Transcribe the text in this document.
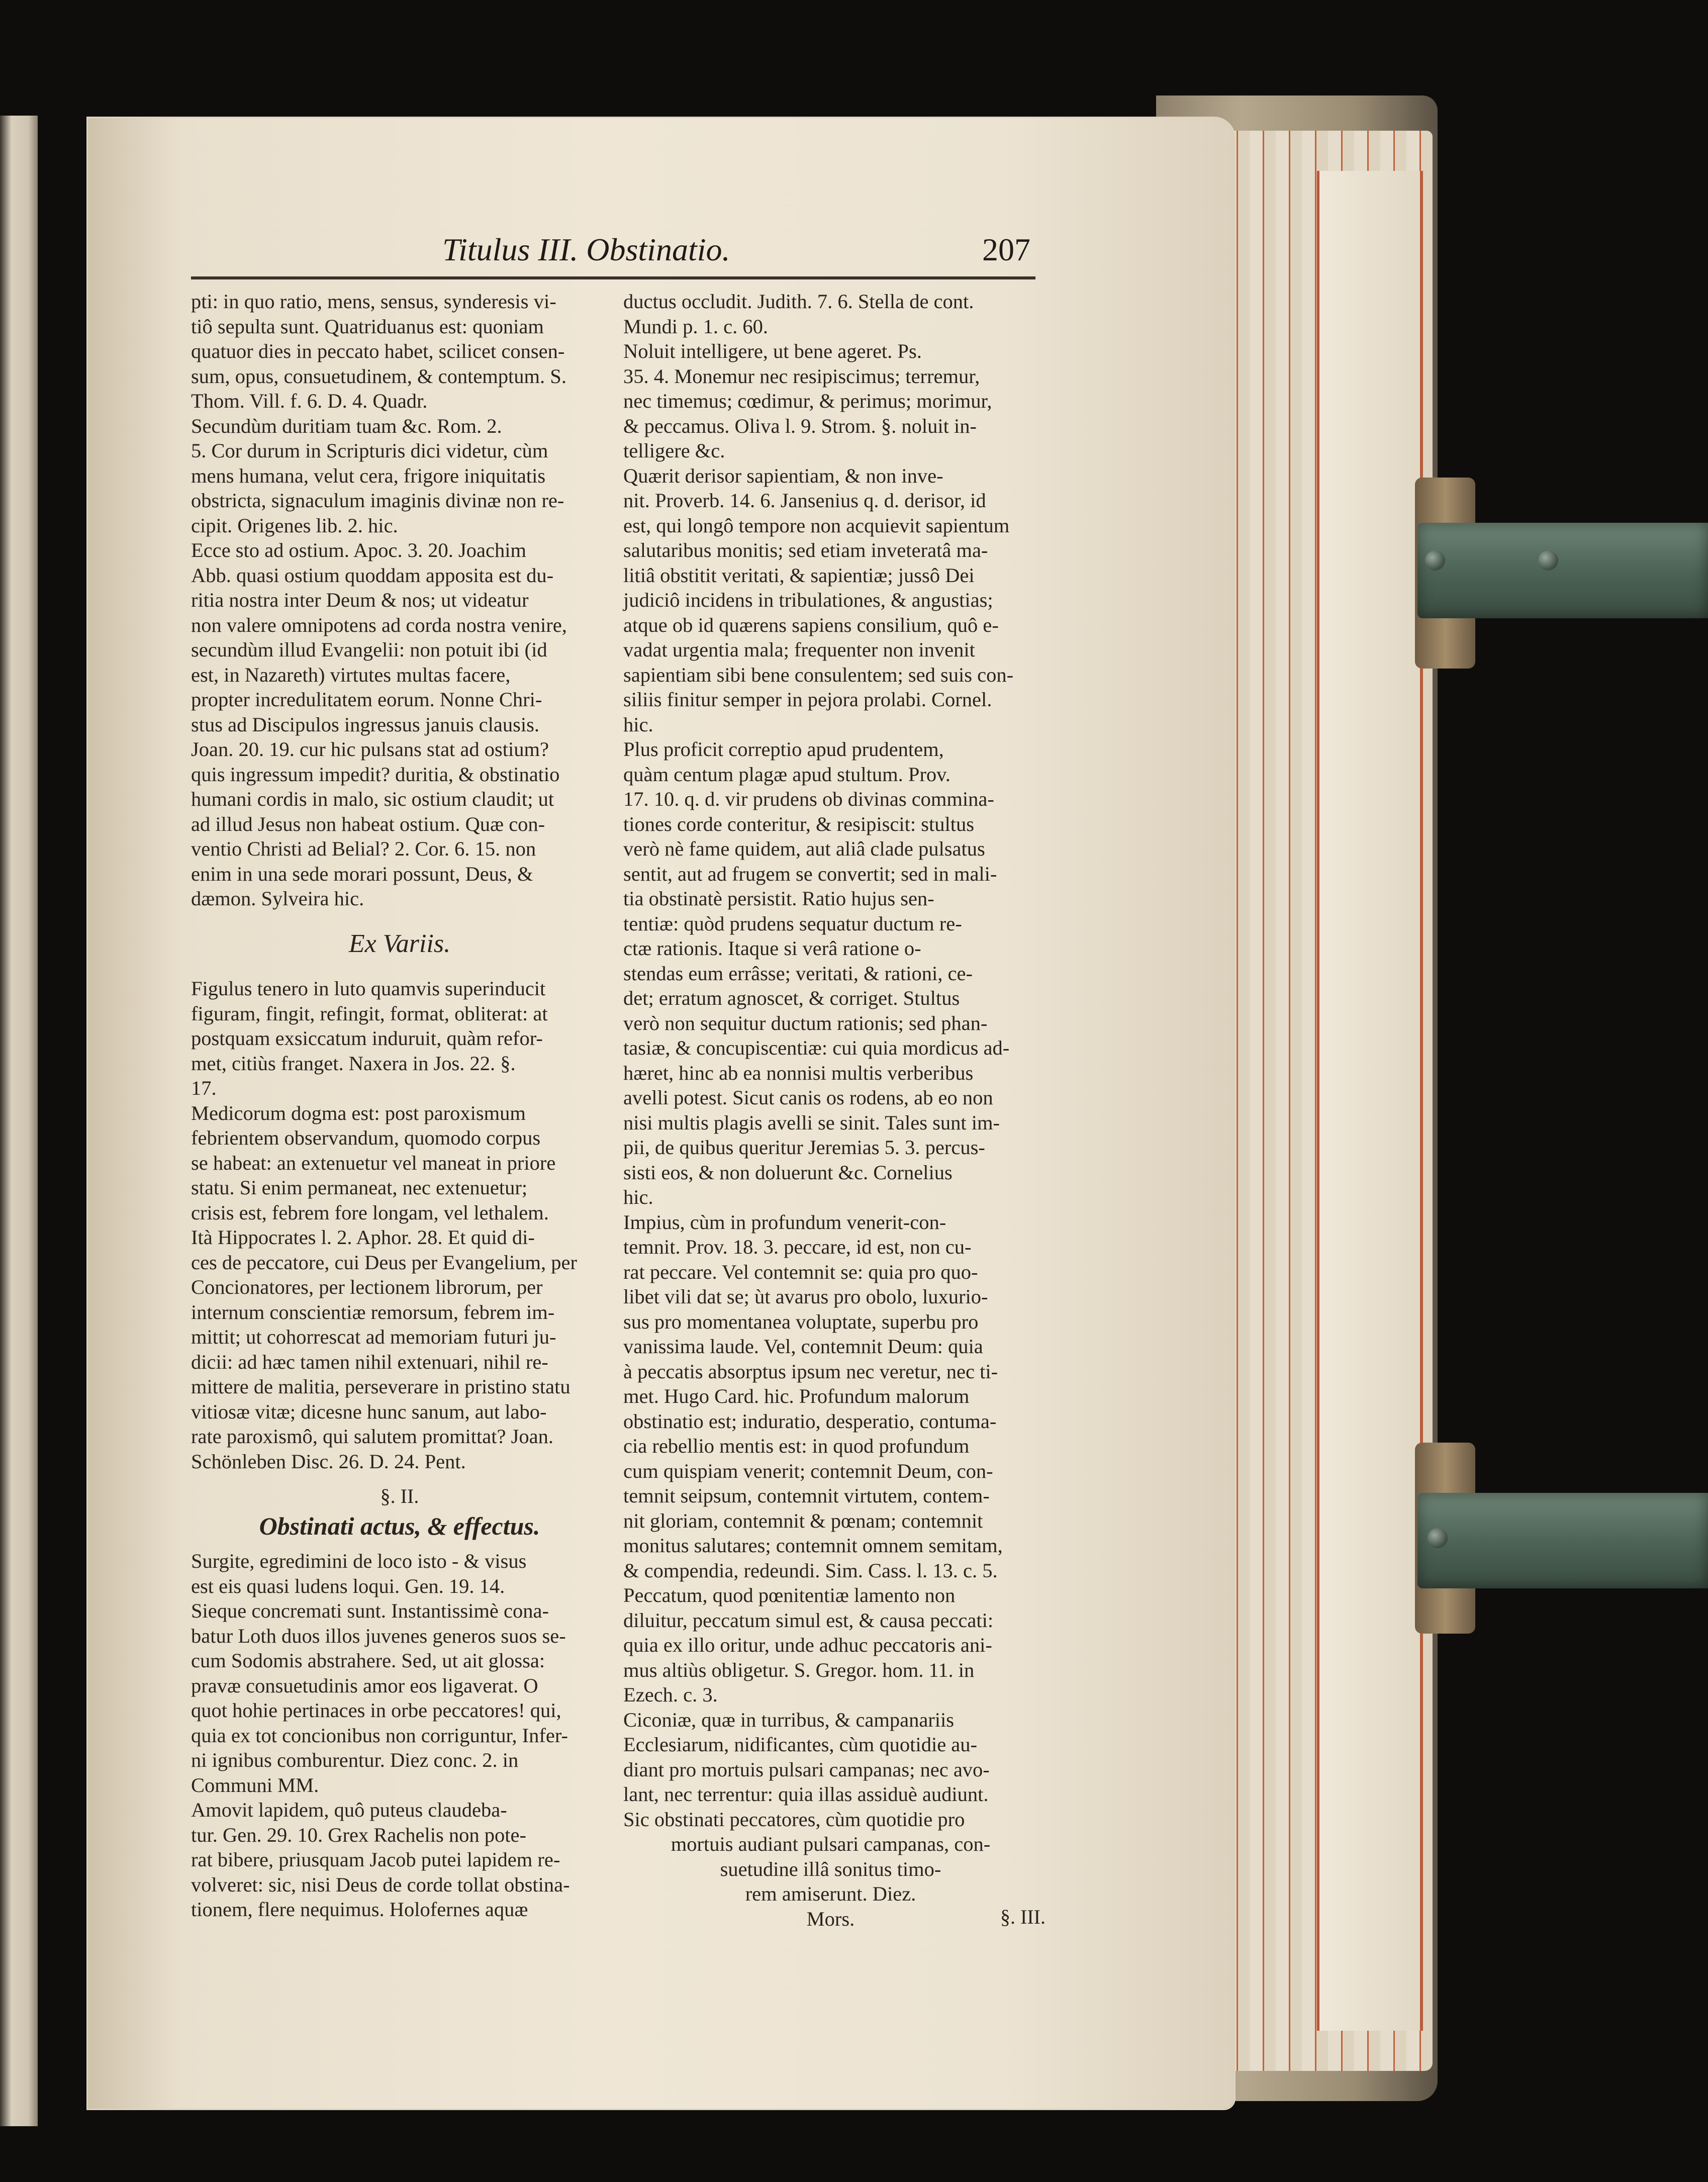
Titulus III. Obstinatio.	207

pti: in quo ratio, mens, sensus, synderesis vi-
tiô sepulta sunt. Quatriduanus est: quoniam
quatuor dies in peccato habet, scilicet consen-
sum, opus, consuetudinem, & contemptum. S.
Thom. Vill. f. 6. D. 4. Quadr.
Secundùm duritiam tuam &c. Rom. 2.
5. Cor durum in Scripturis dici videtur, cùm
mens humana, velut cera, frigore iniquitatis
obstricta, signaculum imaginis divinæ non re-
cipit. Origenes lib. 2. hic.
Ecce sto ad ostium. Apoc. 3. 20. Joachim
Abb. quasi ostium quoddam apposita est du-
ritia nostra inter Deum & nos; ut videatur
non valere omnipotens ad corda nostra venire,
secundùm illud Evangelii: non potuit ibi (id
est, in Nazareth) virtutes multas facere,
propter incredulitatem eorum. Nonne Chri-
stus ad Discipulos ingressus januis clausis.
Joan. 20. 19. cur hic pulsans stat ad ostium?
quis ingressum impedit? duritia, & obstinatio
humani cordis in malo, sic ostium claudit; ut
ad illud Jesus non habeat ostium. Quæ con-
ventio Christi ad Belial? 2. Cor. 6. 15. non
enim in una sede morari possunt, Deus, &
dæmon. Sylveira hic.

Ex Variis.

Figulus tenero in luto quamvis superinducit
figuram, fingit, refingit, format, obliterat: at
postquam exsiccatum induruit, quàm refor-
met, citiùs franget. Naxera in Jos. 22. §.
17.
Medicorum dogma est: post paroxismum
febrientem observandum, quomodo corpus
se habeat: an extenuetur vel maneat in priore
statu. Si enim permaneat, nec extenuetur;
crisis est, febrem fore longam, vel lethalem.
Ità Hippocrates l. 2. Aphor. 28. Et quid di-
ces de peccatore, cui Deus per Evangelium, per
Concionatores, per lectionem librorum, per
internum conscientiæ remorsum, febrem im-
mittit; ut cohorrescat ad memoriam futuri ju-
dicii: ad hæc tamen nihil extenuari, nihil re-
mittere de malitia, perseverare in pristino statu
vitiosæ vitæ; dicesne hunc sanum, aut labo-
rate paroxismô, qui salutem promittat? Joan.
Schönleben Disc. 26. D. 24. Pent.

§. II.
Obstinati actus, & effectus.

Surgite, egredimini de loco isto - & visus
est eis quasi ludens loqui. Gen. 19. 14.
Sieque concremati sunt. Instantissimè cona-
batur Loth duos illos juvenes generos suos se-
cum Sodomis abstrahere. Sed, ut ait glossa:
pravæ consuetudinis amor eos ligaverat. O
quot hohie pertinaces in orbe peccatores! qui,
quia ex tot concionibus non corriguntur, Infer-
ni ignibus comburentur. Diez conc. 2. in
Communi MM.
Amovit lapidem, quô puteus claudeba-
tur. Gen. 29. 10. Grex Rachelis non pote-
rat bibere, priusquam Jacob putei lapidem re-
volveret: sic, nisi Deus de corde tollat obstina-
tionem, flere nequimus. Holofernes aquæ

ductus occludit. Judith. 7. 6. Stella de cont.
Mundi p. 1. c. 60.
Noluit intelligere, ut bene ageret. Ps.
35. 4. Monemur nec resipiscimus; terremur,
nec timemus; cœdimur, & perimus; morimur,
& peccamus. Oliva l. 9. Strom. §. noluit in-
telligere &c.
Quærit derisor sapientiam, & non inve-
nit. Proverb. 14. 6. Jansenius q. d. derisor, id
est, qui longô tempore non acquievit sapientum
salutaribus monitis; sed etiam inveteratâ ma-
litiâ obstitit veritati, & sapientiæ; jussô Dei
judiciô incidens in tribulationes, & angustias;
atque ob id quærens sapiens consilium, quô e-
vadat urgentia mala; frequenter non invenit
sapientiam sibi bene consulentem; sed suis con-
siliis finitur semper in pejora prolabi. Cornel.
hic.
Plus proficit correptio apud prudentem,
quàm centum plagæ apud stultum. Prov.
17. 10. q. d. vir prudens ob divinas commina-
tiones corde conteritur, & resipiscit: stultus
verò nè fame quidem, aut aliâ clade pulsatus
sentit, aut ad frugem se convertit; sed in mali-
tia obstinatè persistit. Ratio hujus sen-
tentiæ: quòd prudens sequatur ductum re-
ctæ rationis. Itaque si verâ ratione o-
stendas eum errâsse; veritati, & rationi, ce-
det; erratum agnoscet, & corriget. Stultus
verò non sequitur ductum rationis; sed phan-
tasiæ, & concupiscentiæ: cui quia mordicus ad-
hæret, hinc ab ea nonnisi multis verberibus
avelli potest. Sicut canis os rodens, ab eo non
nisi multis plagis avelli se sinit. Tales sunt im-
pii, de quibus queritur Jeremias 5. 3. percus-
sisti eos, & non doluerunt &c. Cornelius
hic.
Impius, cùm in profundum venerit-con-
temnit. Prov. 18. 3. peccare, id est, non cu-
rat peccare. Vel contemnit se: quia pro quo-
libet vili dat se; ùt avarus pro obolo, luxurio-
sus pro momentanea voluptate, superbu pro
vanissima laude. Vel, contemnit Deum: quia
à peccatis absorptus ipsum nec veretur, nec ti-
met. Hugo Card. hic. Profundum malorum
obstinatio est; induratio, desperatio, contuma-
cia rebellio mentis est: in quod profundum
cum quispiam venerit; contemnit Deum, con-
temnit seipsum, contemnit virtutem, contem-
nit gloriam, contemnit & pœnam; contemnit
monitus salutares; contemnit omnem semitam,
& compendia, redeundi. Sim. Cass. l. 13. c. 5.
Peccatum, quod pœnitentiæ lamento non
diluitur, peccatum simul est, & causa peccati:
quia ex illo oritur, unde adhuc peccatoris ani-
mus altiùs obligetur. S. Gregor. hom. 11. in
Ezech. c. 3.
Ciconiæ, quæ in turribus, & campanariis
Ecclesiarum, nidificantes, cùm quotidie au-
diant pro mortuis pulsari campanas; nec avo-
lant, nec terrentur: quia illas assiduè audiunt.
Sic obstinati peccatores, cùm quotidie pro

mortuis audiant pulsari campanas, con-
suetudine illâ sonitus timo-
rem amiserunt. Diez.
Mors.	§. III.
